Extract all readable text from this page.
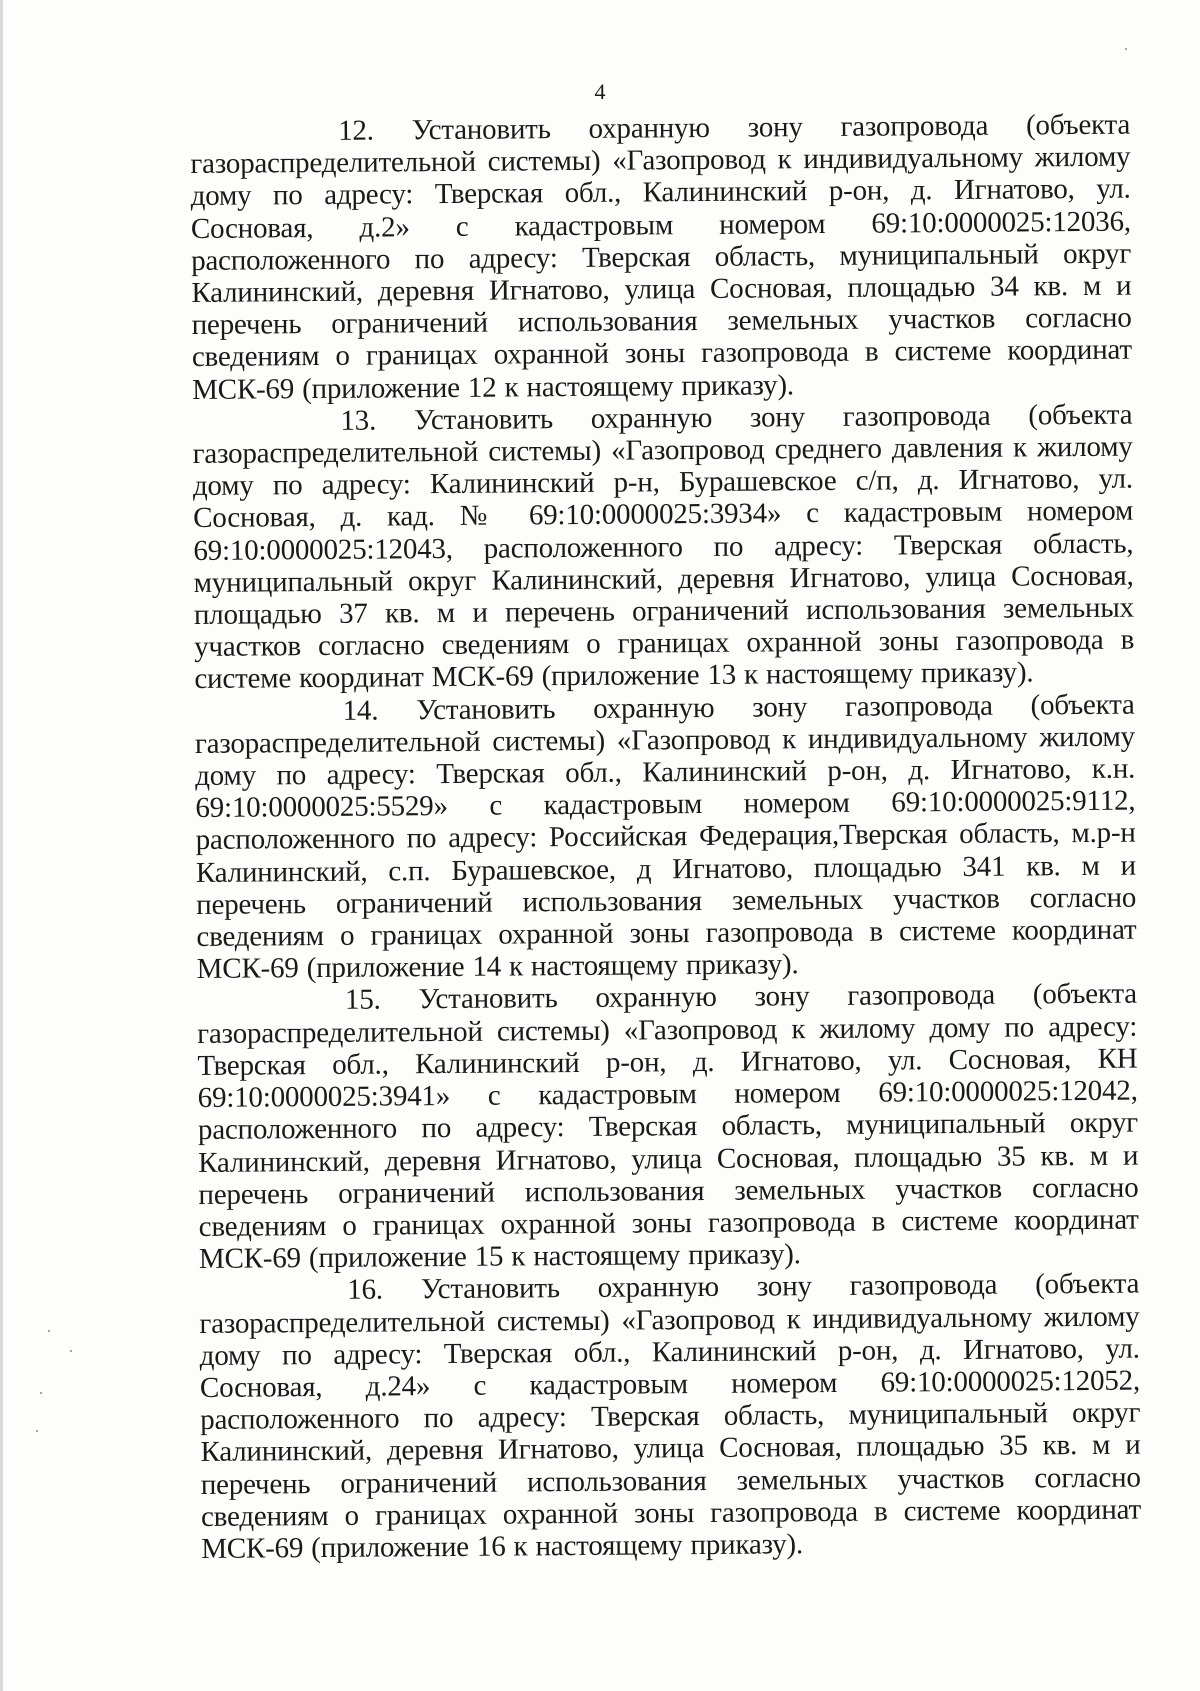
4

12. Установить охранную зону газопровода (объекта газораспределительной системы) «Газопровод к индивидуальному жилому дому по адресу: Тверская обл., Калининский р-он, д. Игнатово, ул. Сосновая, д.2» с кадастровым номером 69:10:0000025:12036, расположенного по адресу: Тверская область, муниципальный округ Калининский, деревня Игнатово, улица Сосновая, площадью 34 кв. м и перечень ограничений использования земельных участков согласно сведениям о границах охранной зоны газопровода в системе координат МСК-69 (приложение 12 к настоящему приказу).

13. Установить охранную зону газопровода (объекта газораспределительной системы) «Газопровод среднего давления к жилому дому по адресу: Калининский р-н, Бурашевское с/п, д. Игнатово, ул. Сосновая, д. кад. № 69:10:0000025:3934» с кадастровым номером 69:10:0000025:12043, расположенного по адресу: Тверская область, муниципальный округ Калининский, деревня Игнатово, улица Сосновая, площадью 37 кв. м и перечень ограничений использования земельных участков согласно сведениям о границах охранной зоны газопровода в системе координат МСК-69 (приложение 13 к настоящему приказу).

14. Установить охранную зону газопровода (объекта газораспределительной системы) «Газопровод к индивидуальному жилому дому по адресу: Тверская обл., Калининский р-он, д. Игнатово, к.н. 69:10:0000025:5529» с кадастровым номером 69:10:0000025:9112, расположенного по адресу: Российская Федерация,Тверская область, м.р-н Калининский, с.п. Бурашевское, д Игнатово, площадью 341 кв. м и перечень ограничений использования земельных участков согласно сведениям о границах охранной зоны газопровода в системе координат МСК-69 (приложение 14 к настоящему приказу).

15. Установить охранную зону газопровода (объекта газораспределительной системы) «Газопровод к жилому дому по адресу: Тверская обл., Калининский р-он, д. Игнатово, ул. Сосновая, КН 69:10:0000025:3941» с кадастровым номером 69:10:0000025:12042, расположенного по адресу: Тверская область, муниципальный округ Калининский, деревня Игнатово, улица Сосновая, площадью 35 кв. м и перечень ограничений использования земельных участков согласно сведениям о границах охранной зоны газопровода в системе координат МСК-69 (приложение 15 к настоящему приказу).

16. Установить охранную зону газопровода (объекта газораспределительной системы) «Газопровод к индивидуальному жилому дому по адресу: Тверская обл., Калининский р-он, д. Игнатово, ул. Сосновая, д.24» с кадастровым номером 69:10:0000025:12052, расположенного по адресу: Тверская область, муниципальный округ Калининский, деревня Игнатово, улица Сосновая, площадью 35 кв. м и перечень ограничений использования земельных участков согласно сведениям о границах охранной зоны газопровода в системе координат МСК-69 (приложение 16 к настоящему приказу).
